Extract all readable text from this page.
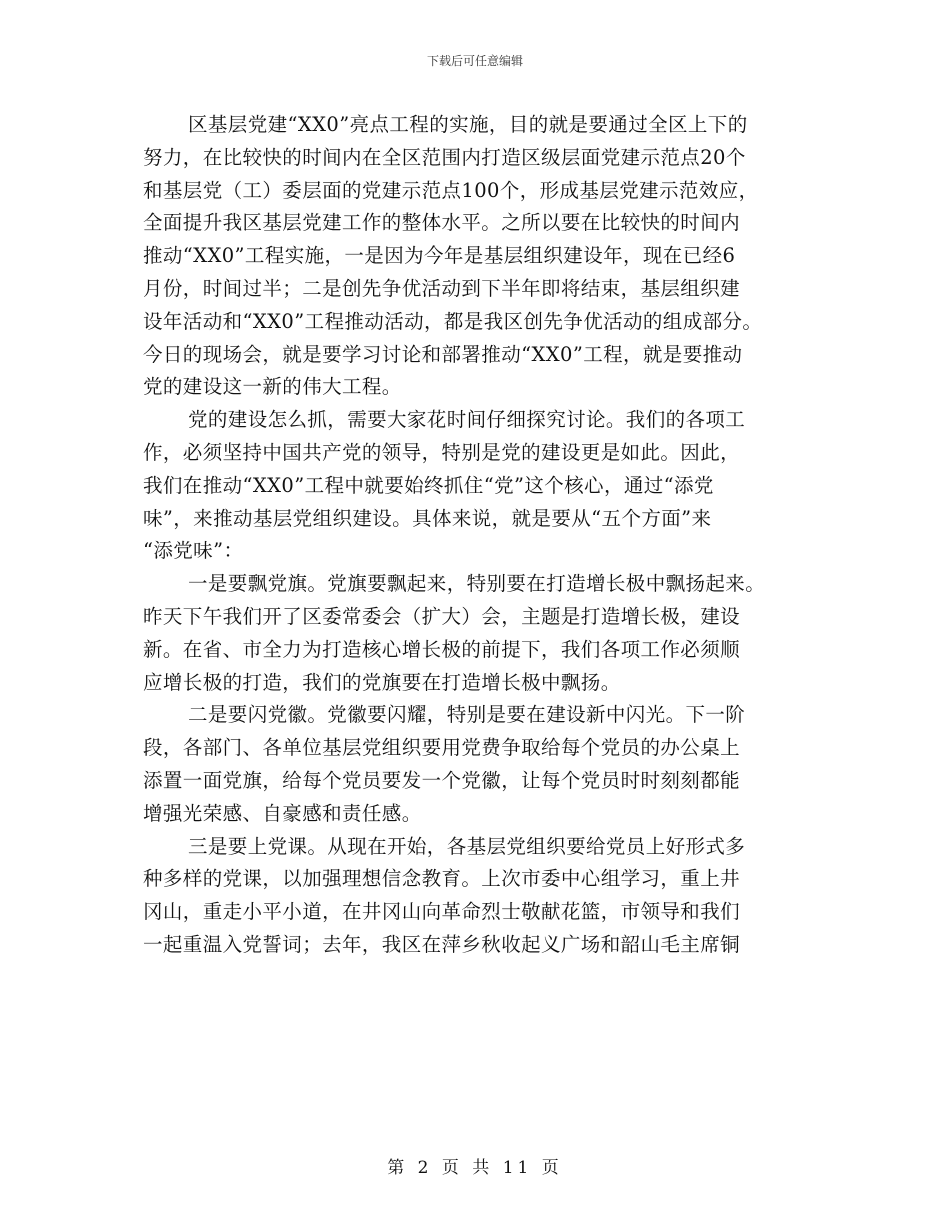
下载后可任意编辑

区基层党建“XX0”亮点工程的实施，目的就是要通过全区上下的
努力，在比较快的时间内在全区范围内打造区级层面党建示范点20个
和基层党（工）委层面的党建示范点100个，形成基层党建示范效应，
全面提升我区基层党建工作的整体水平。之所以要在比较快的时间内
推动“XX0”工程实施，一是因为今年是基层组织建设年，现在已经6
月份，时间过半；二是创先争优活动到下半年即将结束，基层组织建
设年活动和“XX0”工程推动活动，都是我区创先争优活动的组成部分。
今日的现场会，就是要学习讨论和部署推动“XX0”工程，就是要推动
党的建设这一新的伟大工程。

党的建设怎么抓，需要大家花时间仔细探究讨论。我们的各项工
作，必须坚持中国共产党的领导，特别是党的建设更是如此。因此，
我们在推动“XX0”工程中就要始终抓住“党”这个核心，通过“添党
味”，来推动基层党组织建设。具体来说，就是要从“五个方面”来
“添党味”：

一是要飘党旗。党旗要飘起来，特别要在打造增长极中飘扬起来。
昨天下午我们开了区委常委会（扩大）会，主题是打造增长极，建设
新。在省、市全力为打造核心增长极的前提下，我们各项工作必须顺
应增长极的打造，我们的党旗要在打造增长极中飘扬。

二是要闪党徽。党徽要闪耀，特别是要在建设新中闪光。下一阶
段，各部门、各单位基层党组织要用党费争取给每个党员的办公桌上
添置一面党旗，给每个党员要发一个党徽，让每个党员时时刻刻都能
增强光荣感、自豪感和责任感。

三是要上党课。从现在开始，各基层党组织要给党员上好形式多
种多样的党课，以加强理想信念教育。上次市委中心组学习，重上井
冈山，重走小平小道，在井冈山向革命烈士敬献花篮，市领导和我们
一起重温入党誓词；去年，我区在萍乡秋收起义广场和韶山毛主席铜

第 2 页 共 11 页
